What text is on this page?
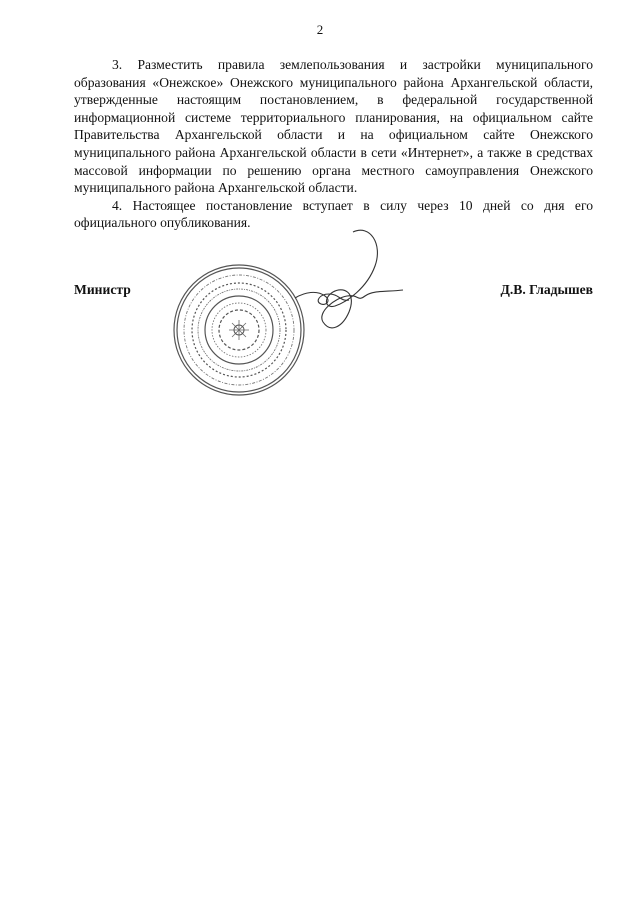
2

3. Разместить правила землепользования и застройки муниципального образования «Онежское» Онежского муниципального района Архангельской области, утвержденные настоящим постановлением, в федеральной государственной информационной системе территориального планирования, на официальном сайте Правительства Архангельской области и на официальном сайте Онежского муниципального района Архангельской области в сети «Интернет», а также в средствах массовой информации по решению органа местного самоуправления Онежского муниципального района Архангельской области.

4. Настоящее постановление вступает в силу через 10 дней со дня его официального опубликования.

Министр	Д.В. Гладышев
